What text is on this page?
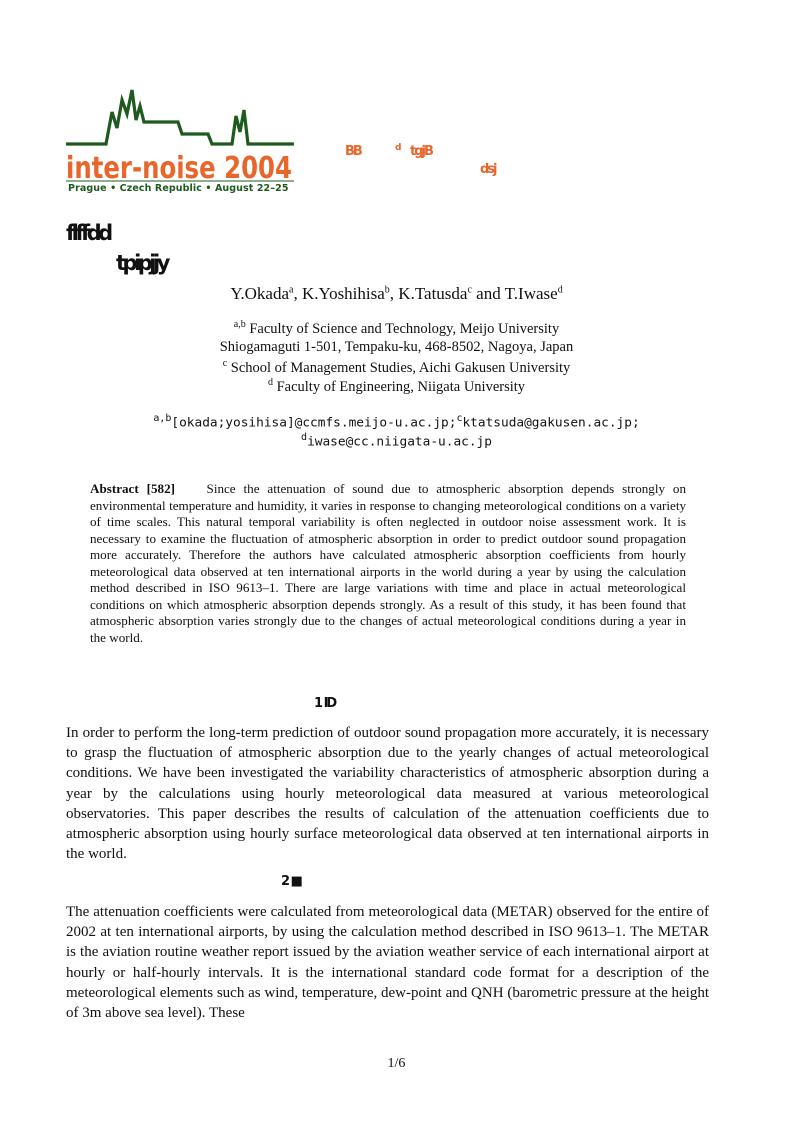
inter-noise 2004
Prague • Czech Republic • August 22–25
BB	d tgjB
dsj
flffdd
tpipjjy
Y.Okada$^a$, K.Yoshihisa$^b$, K.Tatusda$^c$ and T.Iwase$^d$
$^{a,b}$ Faculty of Science and Technology, Meijo University
Shiogamaguti 1-501, Tempaku-ku, 468-8502, Nagoya, Japan
$^c$ School of Management Studies, Aichi Gakusen University
$^d$ Faculty of Engineering, Niigata University
$^{a,b}$[okada;yosihisa]@ccmfs.meijo-u.ac.jp;$^c$ktatsuda@gakusen.ac.jp;
$^d$iwase@cc.niigata-u.ac.jp
Abstract [582] Since the attenuation of sound due to atmospheric absorption depends strongly on environmental temperature and humidity, it varies in response to changing meteorological conditions on a variety of time scales. This natural temporal variability is often neglected in outdoor noise assessment work. It is necessary to examine the fluctuation of atmospheric absorption in order to predict outdoor sound propagation more accurately. Therefore the authors have calculated atmospheric absorption coefficients from hourly meteorological data observed at ten international airports in the world during a year by using the calculation method described in ISO 9613–1. There are large variations with time and place in actual meteorological conditions on which atmospheric absorption depends strongly. As a result of this study, it has been found that atmospheric absorption varies strongly due to the changes of actual meteorological conditions during a year in the world.
1 ID
In order to perform the long-term prediction of outdoor sound propagation more accurately, it is necessary to grasp the fluctuation of atmospheric absorption due to the yearly changes of actual meteorological conditions. We have been investigated the variability characteristics of atmospheric absorption during a year by the calculations using hourly meteorological data measured at various meteorological observatories. This paper describes the results of calculation of the attenuation coefficients due to atmospheric absorption using hourly surface meteorological data observed at ten international airports in the world.
2 ■
The attenuation coefficients were calculated from meteorological data (METAR) observed for the entire of 2002 at ten international airports, by using the calculation method described in ISO 9613–1. The METAR is the aviation routine weather report issued by the aviation weather service of each international airport at hourly or half-hourly intervals. It is the international standard code format for a description of the meteorological elements such as wind, temperature, dew-point and QNH (barometric pressure at the height of 3m above sea level). These
1/6
